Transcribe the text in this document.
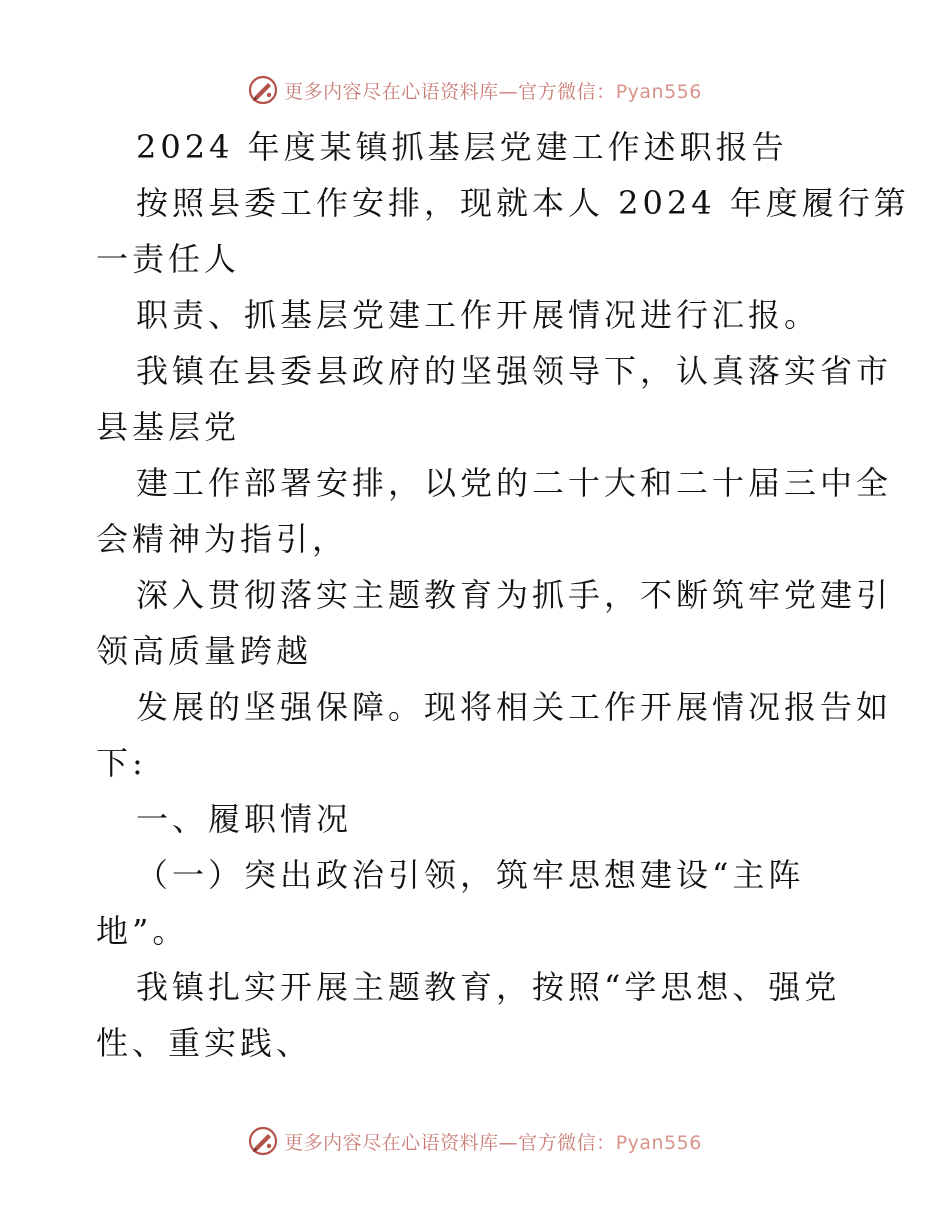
更多内容尽在心语资料库—官方微信：Pyan556
2024 年度某镇抓基层党建工作述职报告
按照县委工作安排，现就本人 2024 年度履行第
一责任人
职责、抓基层党建工作开展情况进行汇报。
我镇在县委县政府的坚强领导下，认真落实省市
县基层党
建工作部署安排，以党的二十大和二十届三中全
会精神为指引，
深入贯彻落实主题教育为抓手，不断筑牢党建引
领高质量跨越
发展的坚强保障。现将相关工作开展情况报告如
下:
一、履职情况
（一）突出政治引领，筑牢思想建设“主阵
地”。
我镇扎实开展主题教育，按照“学思想、强党
性、重实践、
更多内容尽在心语资料库—官方微信：Pyan556
